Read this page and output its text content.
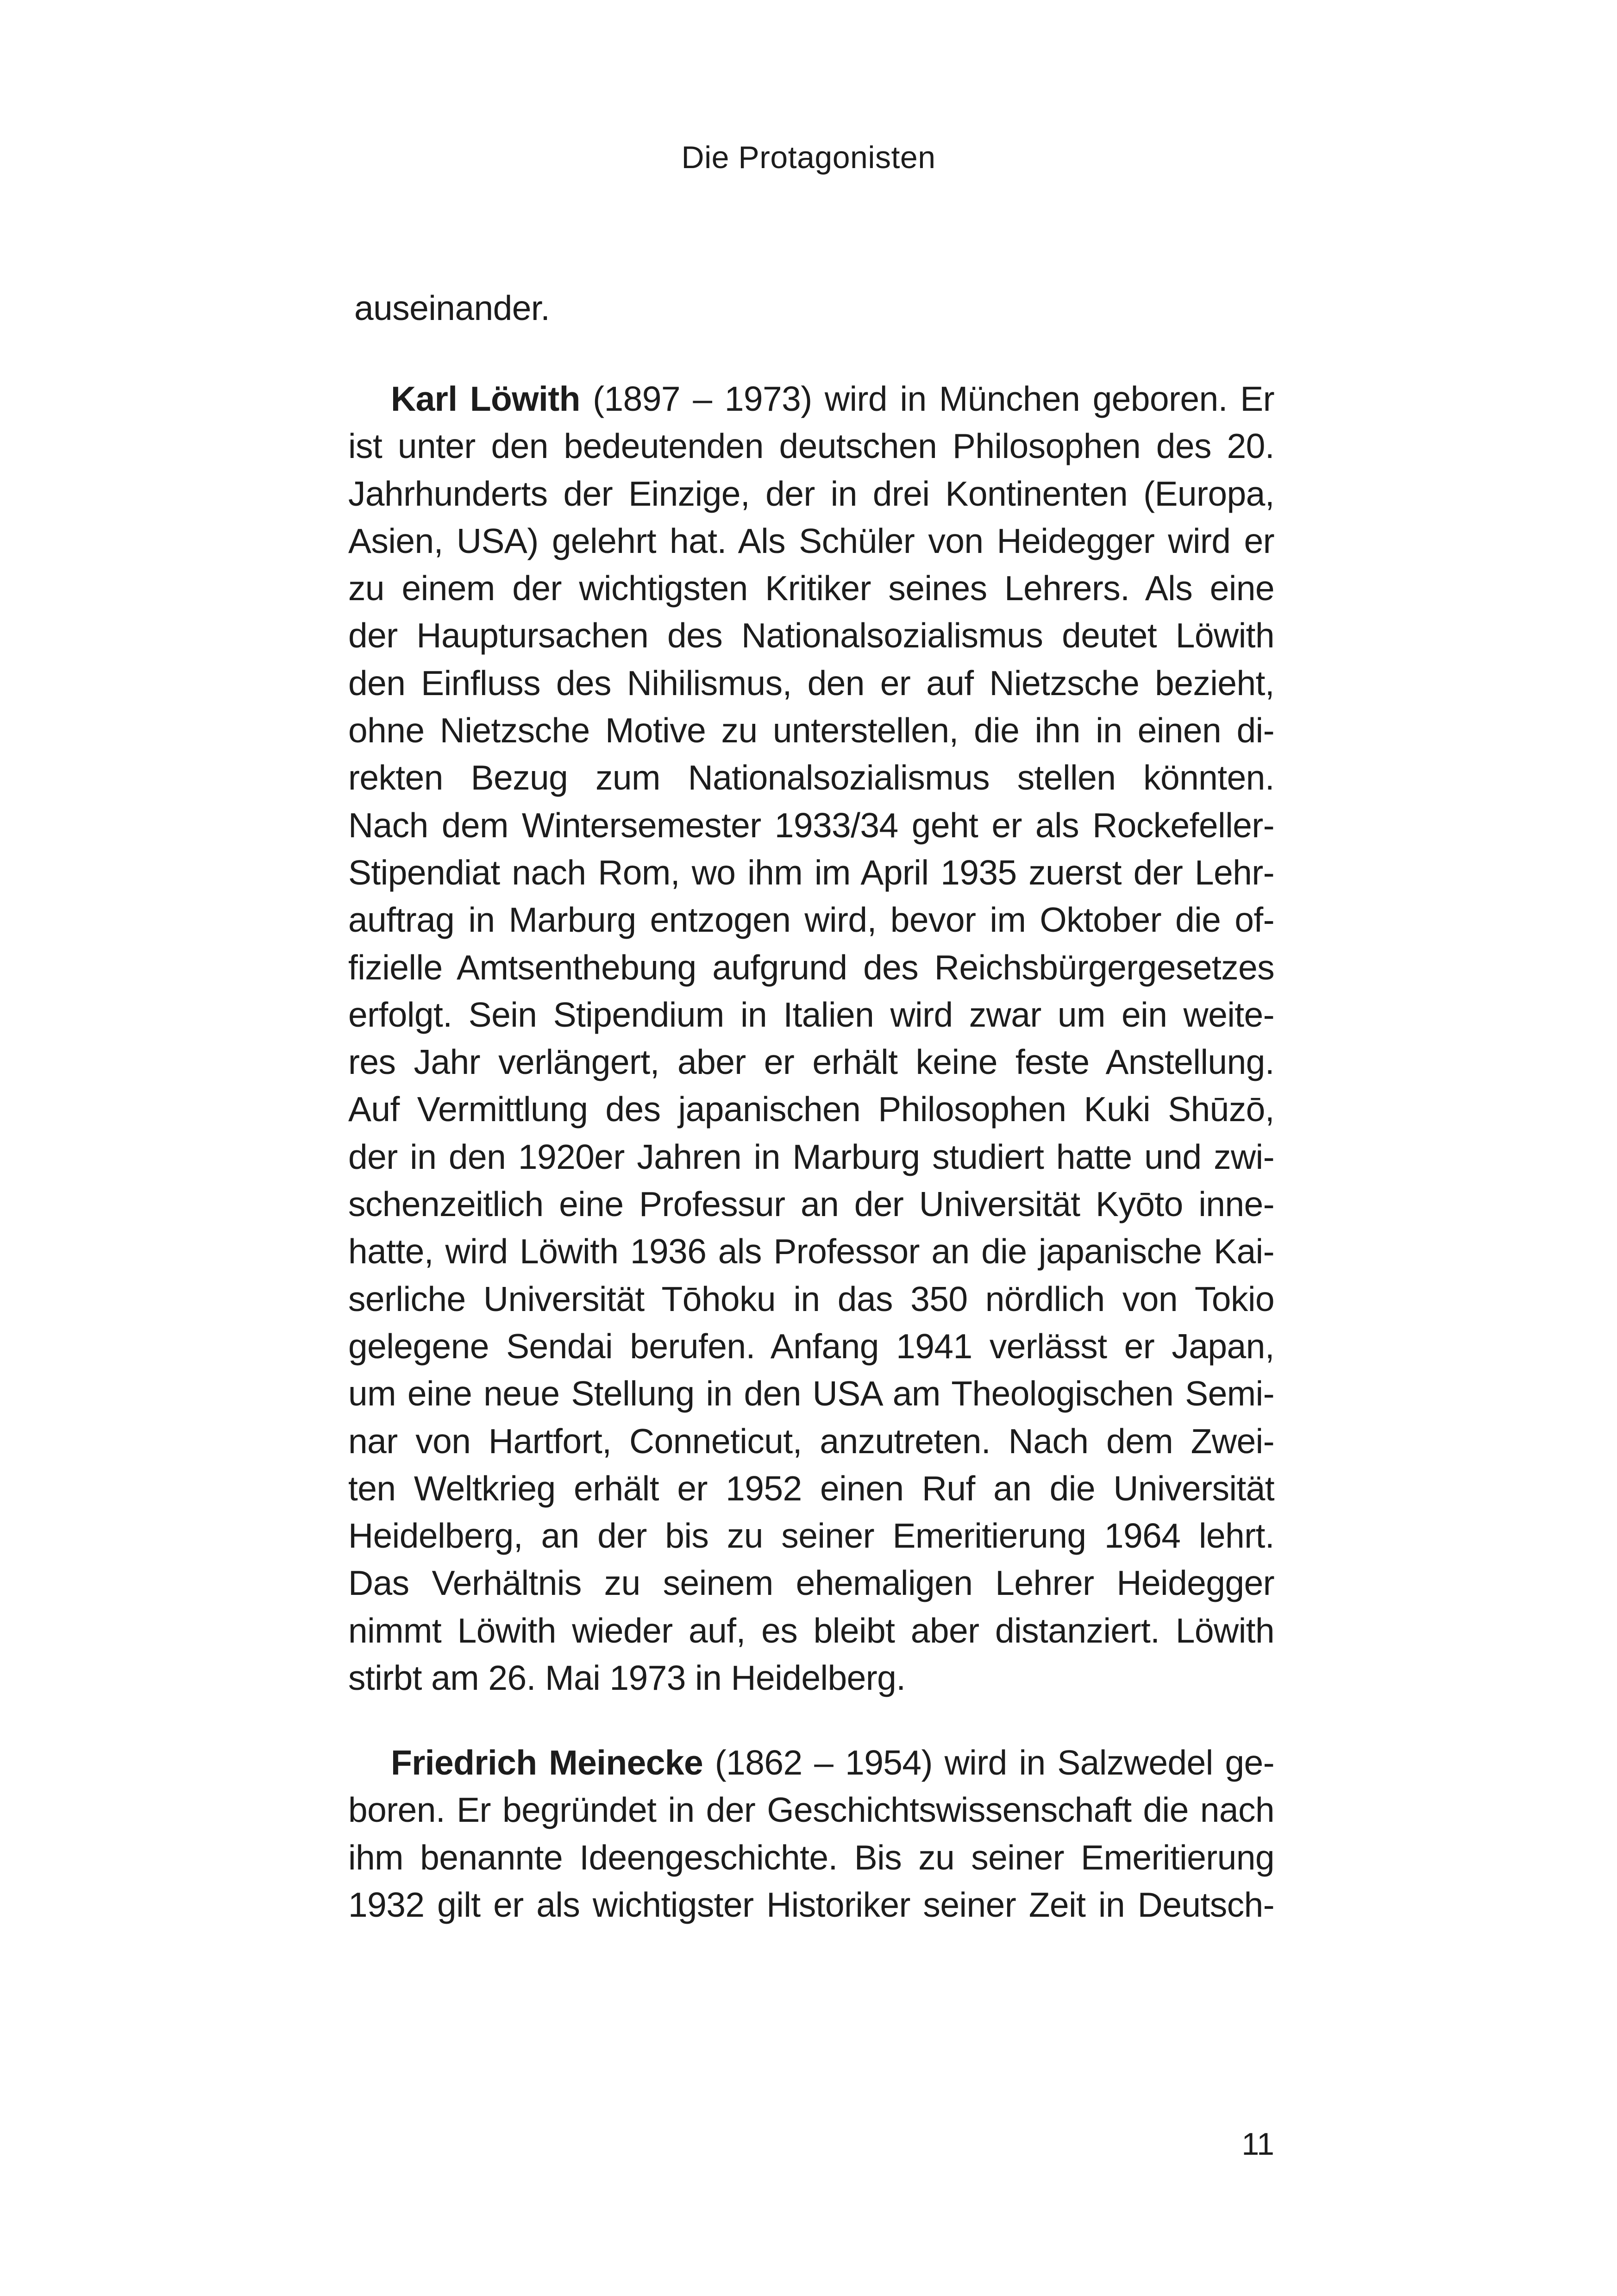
Die Protagonisten
auseinander.
Karl Löwith (1897 – 1973) wird in München geboren. Er
ist unter den bedeutenden deutschen Philosophen des 20.
Jahrhunderts der Einzige, der in drei Kontinenten (Europa,
Asien, USA) gelehrt hat. Als Schüler von Heidegger wird er
zu einem der wichtigsten Kritiker seines Lehrers. Als eine
der Hauptursachen des Nationalsozialismus deutet Löwith
den Einfluss des Nihilismus, den er auf Nietzsche bezieht,
ohne Nietzsche Motive zu unterstellen, die ihn in einen di-
rekten Bezug zum Nationalsozialismus stellen könnten.
Nach dem Wintersemester 1933/34 geht er als Rockefeller-
Stipendiat nach Rom, wo ihm im April 1935 zuerst der Lehr-
auftrag in Marburg entzogen wird, bevor im Oktober die of-
fizielle Amtsenthebung aufgrund des Reichsbürgergesetzes
erfolgt. Sein Stipendium in Italien wird zwar um ein weite-
res Jahr verlängert, aber er erhält keine feste Anstellung.
Auf Vermittlung des japanischen Philosophen Kuki Shūzō,
der in den 1920er Jahren in Marburg studiert hatte und zwi-
schenzeitlich eine Professur an der Universität Kyōto inne-
hatte, wird Löwith 1936 als Professor an die japanische Kai-
serliche Universität Tōhoku in das 350 nördlich von Tokio
gelegene Sendai berufen. Anfang 1941 verlässt er Japan,
um eine neue Stellung in den USA am Theologischen Semi-
nar von Hartfort, Conneticut, anzutreten. Nach dem Zwei-
ten Weltkrieg erhält er 1952 einen Ruf an die Universität
Heidelberg, an der bis zu seiner Emeritierung 1964 lehrt.
Das Verhältnis zu seinem ehemaligen Lehrer Heidegger
nimmt Löwith wieder auf, es bleibt aber distanziert. Löwith
stirbt am 26. Mai 1973 in Heidelberg.
Friedrich Meinecke (1862 – 1954) wird in Salzwedel ge-
boren. Er begründet in der Geschichtswissenschaft die nach
ihm benannte Ideengeschichte. Bis zu seiner Emeritierung
1932 gilt er als wichtigster Historiker seiner Zeit in Deutsch-
11
